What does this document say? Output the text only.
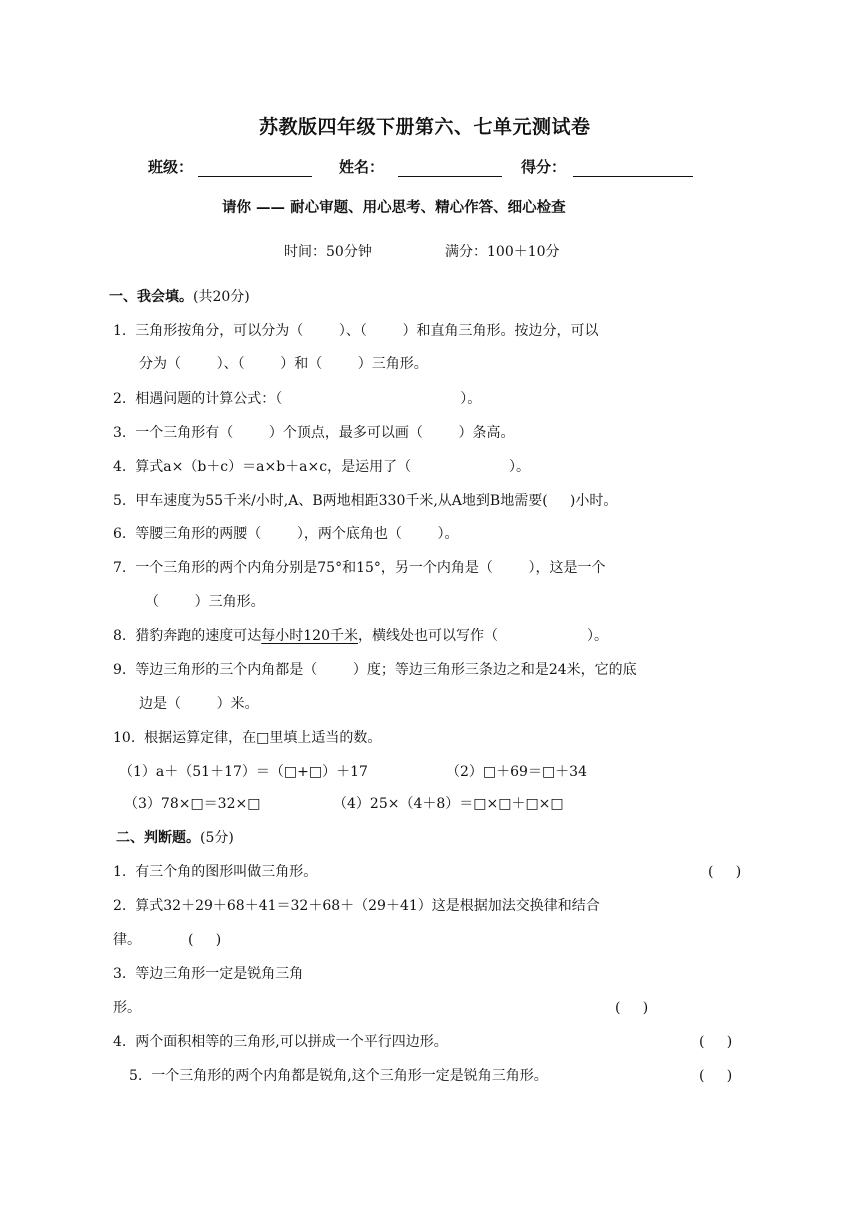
苏教版四年级下册第六、七单元测试卷
班级：	姓名：	得分：
请你 —— 耐心审题、用心思考、精心作答、细心检查
时间：50分钟	满分：100＋10分
一、我会填。(共20分)
1.  三角形按角分，可以分为（        ）、（        ）和直角三角形。按边分，可以
分为（        ）、（        ）和（        ）三角形。
2.  相遇问题的计算公式：（                                        ）。
3.  一个三角形有（        ）个顶点，最多可以画（        ）条高。
4.  算式a×（b＋c）＝a×b＋a×c，是运用了（                      ）。
5.  甲车速度为55千米/小时,A、B两地相距330千米,从A地到B地需要(     )小时。
6.  等腰三角形的两腰（        ），两个底角也（        ）。
7.  一个三角形的两个内角分别是75°和15°，另一个内角是（        ），这是一个
（        ）三角形。
8.  猎豹奔跑的速度可达每小时120千米，横线处也可以写作（                    ）。
9.  等边三角形的三个内角都是（        ）度；等边三角形三条边之和是24米，它的底
边是（        ）米。
10.  根据运算定律，在□里填上适当的数。
（1）a＋（51＋17）＝（□+□）＋17	（2）□＋69＝□＋34
（3）78×□＝32×□	（4）25×（4＋8）＝□×□＋□×□
二、判断题。(5分)
1.  有三个角的图形叫做三角形。	(     )
2.  算式32＋29＋68＋41＝32＋68＋（29＋41）这是根据加法交换律和结合
律。	(     )
3.  等边三角形一定是锐角三角
形。	(     )
4.  两个面积相等的三角形,可以拼成一个平行四边形。	(     )
5.  一个三角形的两个内角都是锐角,这个三角形一定是锐角三角形。	(     )
